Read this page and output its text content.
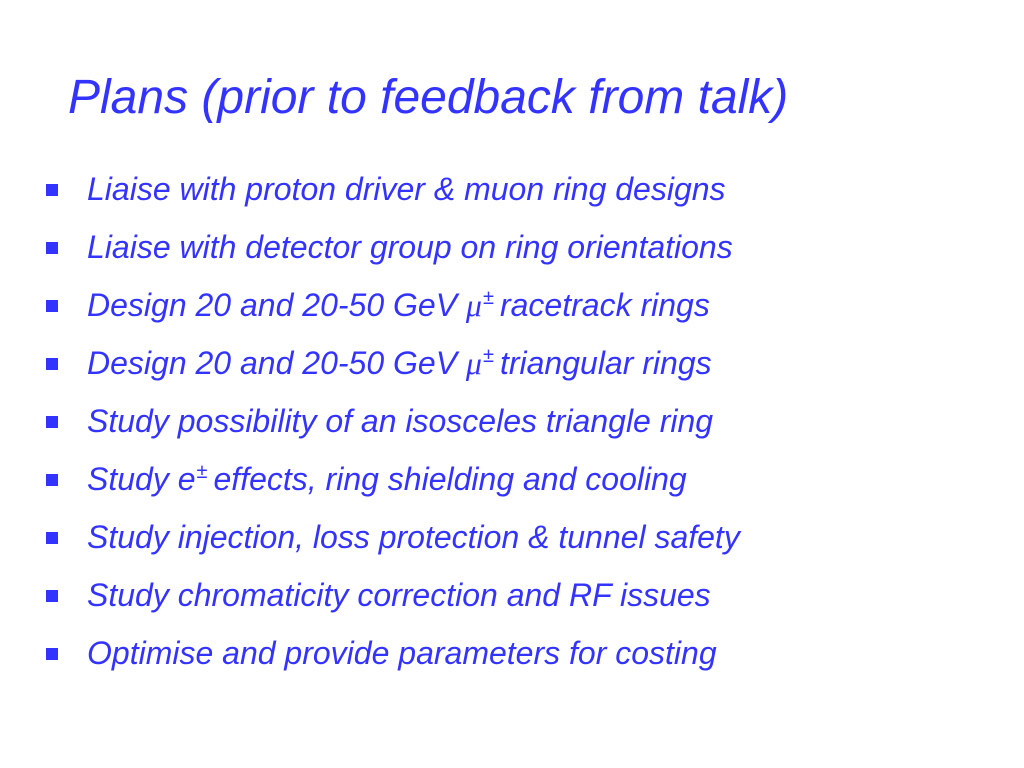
Plans (prior to feedback from talk)
Liaise with proton driver & muon ring designs
Liaise with detector group on ring orientations
Design 20 and 20-50 GeV μ± racetrack rings
Design 20 and 20-50 GeV μ± triangular rings
Study possibility of an isosceles triangle ring
Study e± effects, ring shielding and cooling
Study injection, loss protection & tunnel safety
Study chromaticity correction and RF issues
Optimise and provide parameters for costing
